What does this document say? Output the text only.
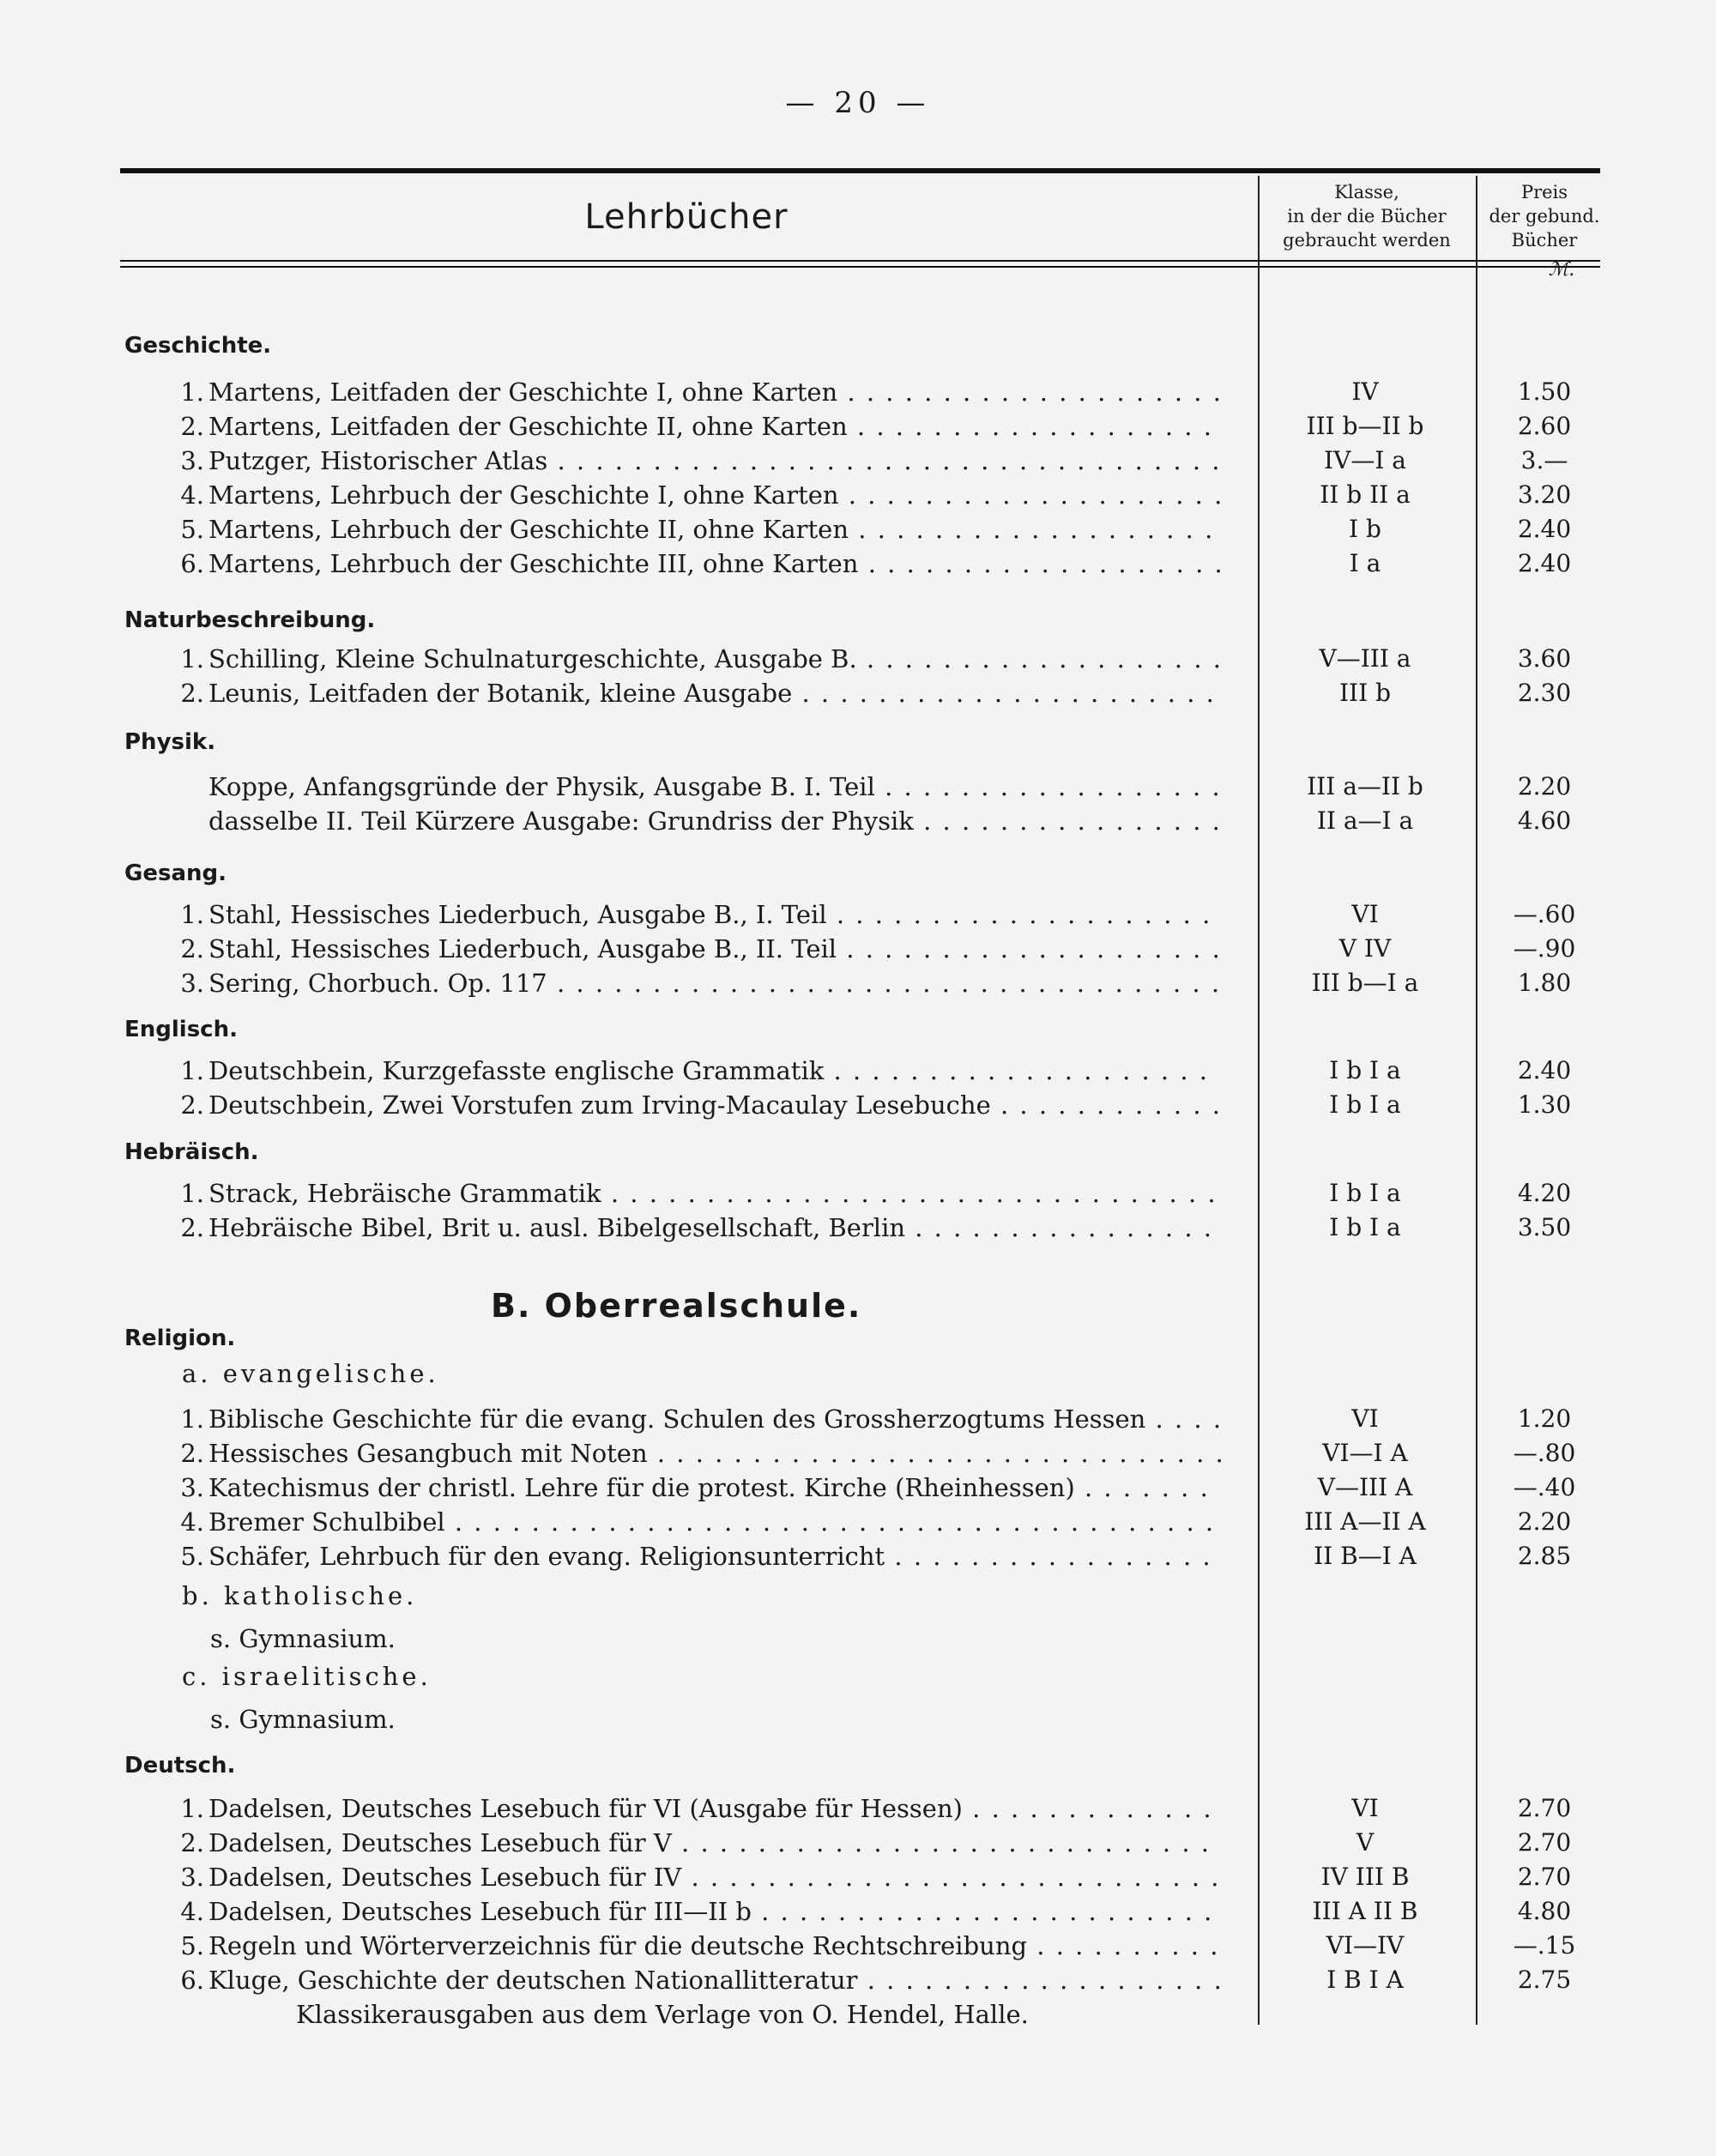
— 20 —
Lehrbücher
Klasse,
in der die Bücher
gebraucht werden
Preis
der gebund.
Bücher
ℳ.
Geschichte.
1. Martens, Leitfaden der Geschichte I, ohne Karten . . .	IV	1.50
2. Martens, Leitfaden der Geschichte II, ohne Karten . . .	III b—II b	2.60
3. Putzger, Historischer Atlas . . .	IV—I a	3.—
4. Martens, Lehrbuch der Geschichte I, ohne Karten . . .	II b II a	3.20
5. Martens, Lehrbuch der Geschichte II, ohne Karten . . .	I b	2.40
6. Martens, Lehrbuch der Geschichte III, ohne Karten . . .	I a	2.40
Naturbeschreibung.
1. Schilling, Kleine Schulnaturgeschichte, Ausgabe B. . . .	V—III a	3.60
2. Leunis, Leitfaden der Botanik, kleine Ausgabe . . .	III b	2.30
Physik.
Koppe, Anfangsgründe der Physik, Ausgabe B. I. Teil . . .	III a—II b	2.20
dasselbe II. Teil Kürzere Ausgabe: Grundriss der Physik . . .	II a—I a	4.60
Gesang.
1. Stahl, Hessisches Liederbuch, Ausgabe B., I. Teil . . .	VI	—.60
2. Stahl, Hessisches Liederbuch, Ausgabe B., II. Teil . . .	V IV	—.90
3. Sering, Chorbuch. Op. 117 . . .	III b—I a	1.80
Englisch.
1. Deutschbein, Kurzgefasste englische Grammatik . . .	I b I a	2.40
2. Deutschbein, Zwei Vorstufen zum Irving-Macaulay Lesebuche . . .	I b I a	1.30
Hebräisch.
1. Strack, Hebräische Grammatik . . .	I b I a	4.20
2. Hebräische Bibel, Brit u. ausl. Bibelgesellschaft, Berlin . . .	I b I a	3.50
B. Oberrealschule.
Religion.
a. evangelische.
1. Biblische Geschichte für die evang. Schulen des Grossherzogtums Hessen . . .	VI	1.20
2. Hessisches Gesangbuch mit Noten . . .	VI—I A	—.80
3. Katechismus der christl. Lehre für die protest. Kirche (Rheinhessen) . . .	V—III A	—.40
4. Bremer Schulbibel . . .	III A—II A	2.20
5. Schäfer, Lehrbuch für den evang. Religionsunterricht . . .	II B—I A	2.85
b. katholische.
s. Gymnasium.
c. israelitische.
s. Gymnasium.
Deutsch.
1. Dadelsen, Deutsches Lesebuch für VI (Ausgabe für Hessen) . . .	VI	2.70
2. Dadelsen, Deutsches Lesebuch für V . . .	V	2.70
3. Dadelsen, Deutsches Lesebuch für IV . . .	IV III B	2.70
4. Dadelsen, Deutsches Lesebuch für III—II b . . .	III A II B	4.80
5. Regeln und Wörterverzeichnis für die deutsche Rechtschreibung . . .	VI—IV	—.15
6. Kluge, Geschichte der deutschen Nationallitteratur . . .	I B I A	2.75
Klassikerausgaben aus dem Verlage von O. Hendel, Halle.
